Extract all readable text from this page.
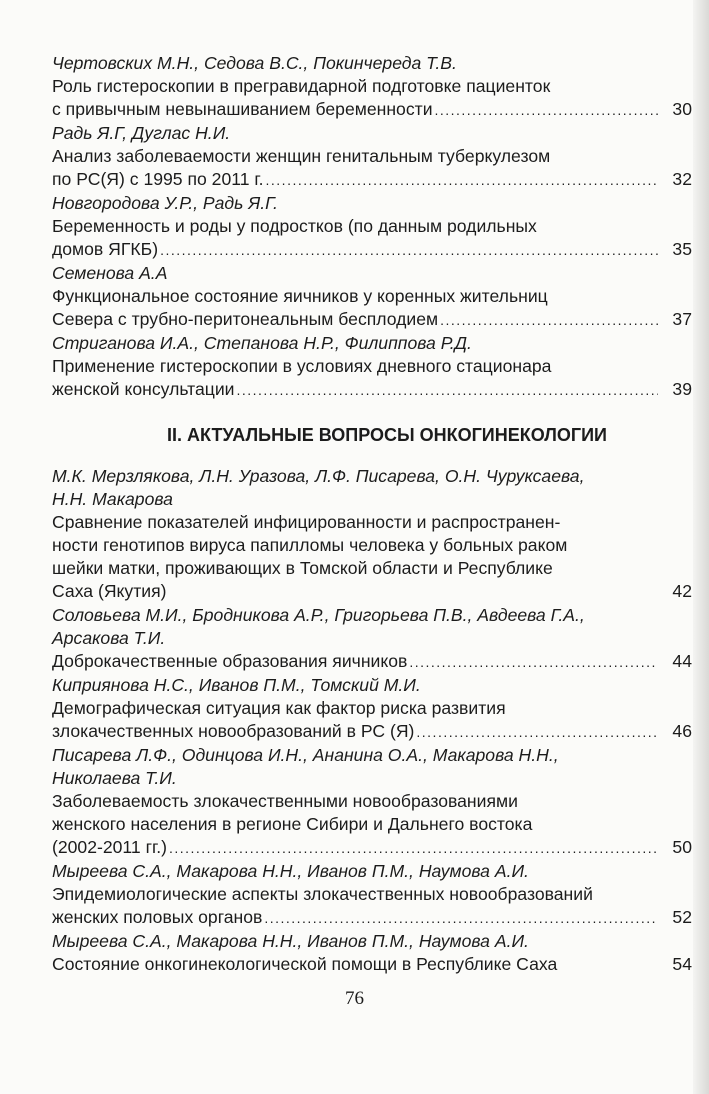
Чертовских М.Н., Седова В.С., Покинчереда Т.В.
Роль гистероскопии в прегравидарной подготовке пациенток
с привычным невынашиванием беременности . . .	30
Радь Я.Г, Дуглас Н.И.
Анализ заболеваемости женщин генитальным туберкулезом
по РС(Я) с 1995 по 2011 г. . . .	32
Новгородова У.Р., Радь Я.Г.
Беременность и роды у подростков (по данным родильных
домов ЯГКБ) . . .	35
Семенова А.А
Функциональное состояние яичников у коренных жительниц
Севера с трубно-перитонеальным бесплодием . . .	37
Стриганова И.А., Степанова Н.Р., Филиппова Р.Д.
Применение гистероскопии в условиях дневного стационара
женской консультации . . .	39
II. АКТУАЛЬНЫЕ ВОПРОСЫ ОНКОГИНЕКОЛОГИИ
М.К. Мерзлякова, Л.Н. Уразова, Л.Ф. Писарева, О.Н. Чуруксаева,
Н.Н. Макарова
Сравнение показателей инфицированности и распространен-
ности генотипов вируса папилломы человека у больных раком
шейки матки, проживающих в Томской области и Республике
Саха (Якутия)	42
Соловьева М.И., Бродникова А.Р., Григорьева П.В., Авдеева Г.А.,
Арсакова Т.И.
Доброкачественные образования яичников . . .	44
Киприянова Н.С., Иванов П.М., Томский М.И.
Демографическая ситуация как фактор риска развития
злокачественных новообразований в РС (Я) . . .	46
Писарева Л.Ф., Одинцова И.Н., Ананина О.А., Макарова Н.Н.,
Николаева Т.И.
Заболеваемость злокачественными новообразованиями
женского населения в регионе Сибири и Дальнего востока
(2002-2011 гг.) . . .	50
Мыреева С.А., Макарова Н.Н., Иванов П.М., Наумова А.И.
Эпидемиологические аспекты злокачественных новообразований
женских половых органов . . .	52
Мыреева С.А., Макарова Н.Н., Иванов П.М., Наумова А.И.
Состояние онкогинекологической помощи в Республике Саха	54
76
